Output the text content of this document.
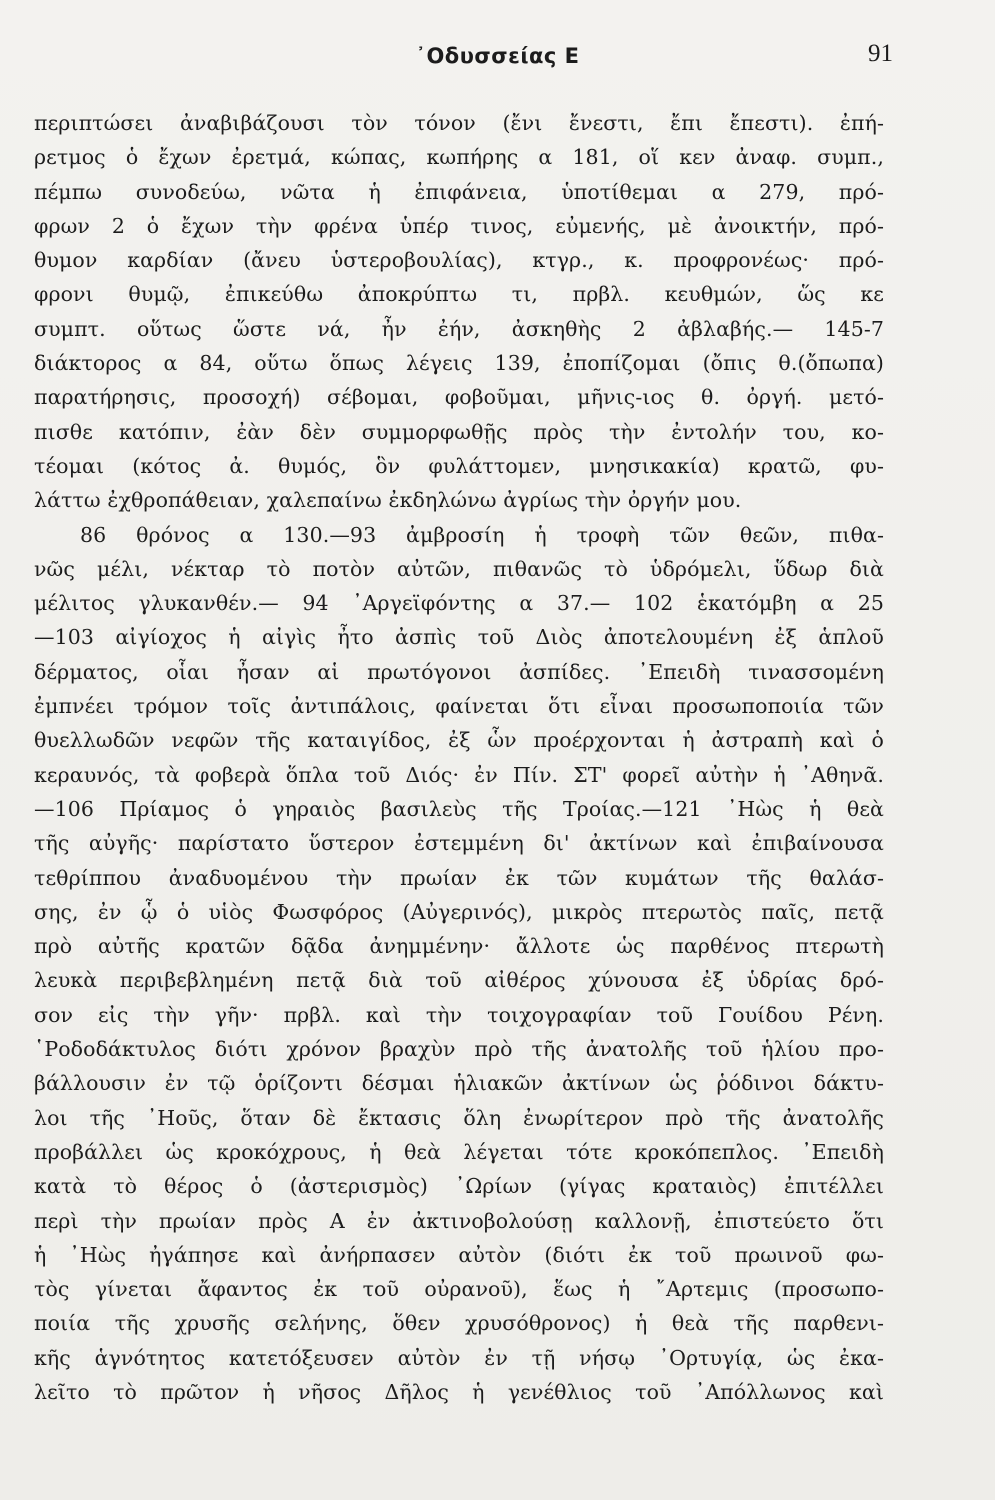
᾿Οδυσσείας Ε	91
περιπτώσει ἀναβιβάζουσι τὸν τόνον (ἔνι ἔνεστι, ἔπι ἔπεστι). ἐπή-
ρετμος ὁ ἔχων ἐρετμά, κώπας, κωπήρης α 181, οἵ κεν ἀναφ. συμπ.,
πέμπω συνοδεύω, νῶτα ἡ ἐπιφάνεια, ὑποτίθεμαι α 279, πρό-
φρων 2 ὁ ἔχων τὴν φρένα ὑπέρ τινος, εὐμενής, μὲ ἀνοικτήν, πρό-
θυμον καρδίαν (ἄνευ ὑστεροβουλίας), κτγρ., κ. προφρονέως· πρό-
φρονι θυμῷ, ἐπικεύθω ἀποκρύπτω τι, πρβλ. κευθμών, ὥς κε
συμπτ. οὕτως ὥστε νά, ἦν ἐήν, ἀσκηθὴς 2 ἀβλαβής.— 145-7
διάκτορος α 84, οὕτω ὅπως λέγεις 139, ἐποπίζομαι (ὄπις θ.(ὄπωπα)
παρατήρησις, προσοχή) σέβομαι, φοβοῦμαι, μῆνις-ιος θ. ὀργή. μετό-
πισθε κατόπιν, ἐὰν δὲν συμμορφωθῇς πρὸς τὴν ἐντολήν του, κο-
τέομαι (κότος ἀ. θυμός, ὃν φυλάττομεν, μνησικακία) κρατῶ, φυ-
λάττω ἐχθροπάθειαν, χαλεπαίνω ἐκδηλώνω ἀγρίως τὴν ὀργήν μου.
86 θρόνος α 130.—93 ἀμβροσίη ἡ τροφὴ τῶν θεῶν, πιθα-
νῶς μέλι, νέκταρ τὸ ποτὸν αὐτῶν, πιθανῶς τὸ ὑδρόμελι, ὕδωρ διὰ
μέλιτος γλυκανθέν.— 94 ᾿Αργεϊφόντης α 37.— 102 ἑκατόμβη α 25
—103 αἰγίοχος ἡ αἰγὶς ἦτο ἀσπὶς τοῦ Διὸς ἀποτελουμένη ἐξ ἁπλοῦ
δέρματος, οἷαι ἦσαν αἱ πρωτόγονοι ἀσπίδες. ᾿Επειδὴ τινασσομένη
ἐμπνέει τρόμον τοῖς ἀντιπάλοις, φαίνεται ὅτι εἶναι προσωποποιία τῶν
θυελλωδῶν νεφῶν τῆς καταιγίδος, ἐξ ὧν προέρχονται ἡ ἀστραπὴ καὶ ὁ
κεραυνός, τὰ φοβερὰ ὅπλα τοῦ Διός· ἐν Πίν. ΣΤ' φορεῖ αὐτὴν ἡ ᾿Αθηνᾶ.
—106 Πρίαμος ὁ γηραιὸς βασιλεὺς τῆς Τροίας.—121 ᾿Ηὼς ἡ θεὰ
τῆς αὐγῆς· παρίστατο ὕστερον ἐστεμμένη δι' ἀκτίνων καὶ ἐπιβαίνουσα
τεθρίππου ἀναδυομένου τὴν πρωίαν ἐκ τῶν κυμάτων τῆς θαλάσ-
σης, ἐν ᾧ ὁ υἱὸς Φωσφόρος (Αὐγερινός), μικρὸς πτερωτὸς παῖς, πετᾷ
πρὸ αὐτῆς κρατῶν δᾷδα ἀνημμένην· ἄλλοτε ὡς παρθένος πτερωτὴ
λευκὰ περιβεβλημένη πετᾷ διὰ τοῦ αἰθέρος χύνουσα ἐξ ὑδρίας δρό-
σον εἰς τὴν γῆν· πρβλ. καὶ τὴν τοιχογραφίαν τοῦ Γουίδου Ρένη.
῾Ροδοδάκτυλος διότι χρόνον βραχὺν πρὸ τῆς ἀνατολῆς τοῦ ἡλίου προ-
βάλλουσιν ἐν τῷ ὁρίζοντι δέσμαι ἡλιακῶν ἀκτίνων ὡς ῥόδινοι δάκτυ-
λοι τῆς ᾿Ηοῦς, ὅταν δὲ ἔκτασις ὅλη ἐνωρίτερον πρὸ τῆς ἀνατολῆς
προβάλλει ὡς κροκόχρους, ἡ θεὰ λέγεται τότε κροκόπεπλος. ᾿Επειδὴ
κατὰ τὸ θέρος ὁ (ἀστερισμὸς) ᾿Ωρίων (γίγας κραταιὸς) ἐπιτέλλει
περὶ τὴν πρωίαν πρὸς Α ἐν ἀκτινοβολούσῃ καλλονῇ, ἐπιστεύετο ὅτι
ἡ ᾿Ηὼς ἠγάπησε καὶ ἀνήρπασεν αὐτὸν (διότι ἐκ τοῦ πρωινοῦ φω-
τὸς γίνεται ἄφαντος ἐκ τοῦ οὐρανοῦ), ἕως ἡ ῎Αρτεμις (προσωπο-
ποιία τῆς χρυσῆς σελήνης, ὅθεν χρυσόθρονος) ἡ θεὰ τῆς παρθενι-
κῆς ἁγνότητος κατετόξευσεν αὐτὸν ἐν τῇ νήσῳ ᾿Ορτυγίᾳ, ὡς ἐκα-
λεῖτο τὸ πρῶτον ἡ νῆσος Δῆλος ἡ γενέθλιος τοῦ ᾿Απόλλωνος καὶ
